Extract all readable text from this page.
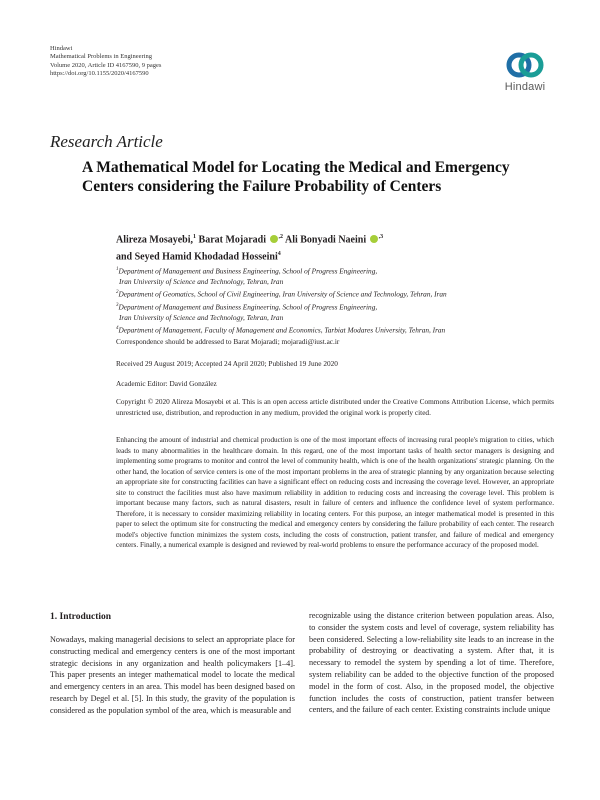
Hindawi
Mathematical Problems in Engineering
Volume 2020, Article ID 4167590, 9 pages
https://doi.org/10.1155/2020/4167590
Hindawi
Research Article
A Mathematical Model for Locating the Medical and Emergency Centers considering the Failure Probability of Centers
Alireza Mosayebi,$^1$ Barat Mojaradi $^{,2}$ Ali Bonyadi Naeini $^{,3}$
and Seyed Hamid Khodadad Hosseini$^4$
$^1$Department of Management and Business Engineering, School of Progress Engineering,
Iran University of Science and Technology, Tehran, Iran
$^2$Department of Geomatics, School of Civil Engineering, Iran University of Science and Technology, Tehran, Iran
$^3$Department of Management and Business Engineering, School of Progress Engineering,
Iran University of Science and Technology, Tehran, Iran
$^4$Department of Management, Faculty of Management and Economics, Tarbiat Modares University, Tehran, Iran
Correspondence should be addressed to Barat Mojaradi; mojaradi@iust.ac.ir
Received 29 August 2019; Accepted 24 April 2020; Published 19 June 2020
Academic Editor: David González
Copyright © 2020 Alireza Mosayebi et al. This is an open access article distributed under the Creative Commons Attribution License, which permits unrestricted use, distribution, and reproduction in any medium, provided the original work is properly cited.
Enhancing the amount of industrial and chemical production is one of the most important effects of increasing rural people's migration to cities, which leads to many abnormalities in the healthcare domain. In this regard, one of the most important tasks of health sector managers is designing and implementing some programs to monitor and control the level of community health, which is one of the health organizations' strategic planning. On the other hand, the location of service centers is one of the most important problems in the area of strategic planning by any organization because selecting an appropriate site for constructing facilities can have a significant effect on reducing costs and increasing the coverage level. However, an appropriate site to construct the facilities must also have maximum reliability in addition to reducing costs and increasing the coverage level. This problem is important because many factors, such as natural disasters, result in failure of centers and influence the confidence level of system performance. Therefore, it is necessary to consider maximizing reliability in locating centers. For this purpose, an integer mathematical model is presented in this paper to select the optimum site for constructing the medical and emergency centers by considering the failure probability of each center. The research model's objective function minimizes the system costs, including the costs of construction, patient transfer, and failure of medical and emergency centers. Finally, a numerical example is designed and reviewed by real-world problems to ensure the performance accuracy of the proposed model.
1. Introduction
Nowadays, making managerial decisions to select an appropriate place for constructing medical and emergency centers is one of the most important strategic decisions in any organization and health policymakers [1–4]. This paper presents an integer mathematical model to locate the medical and emergency centers in an area. This model has been designed based on research by Degel et al. [5]. In this study, the gravity of the population is considered as the population symbol of the area, which is measurable and
recognizable using the distance criterion between population areas. Also, to consider the system costs and level of coverage, system reliability has been considered. Selecting a low-reliability site leads to an increase in the probability of destroying or deactivating a system. After that, it is necessary to remodel the system by spending a lot of time. Therefore, system reliability can be added to the objective function of the proposed model in the form of cost. Also, in the proposed model, the objective function includes the costs of construction, patient transfer between centers, and the failure of each center. Existing constraints include unique
